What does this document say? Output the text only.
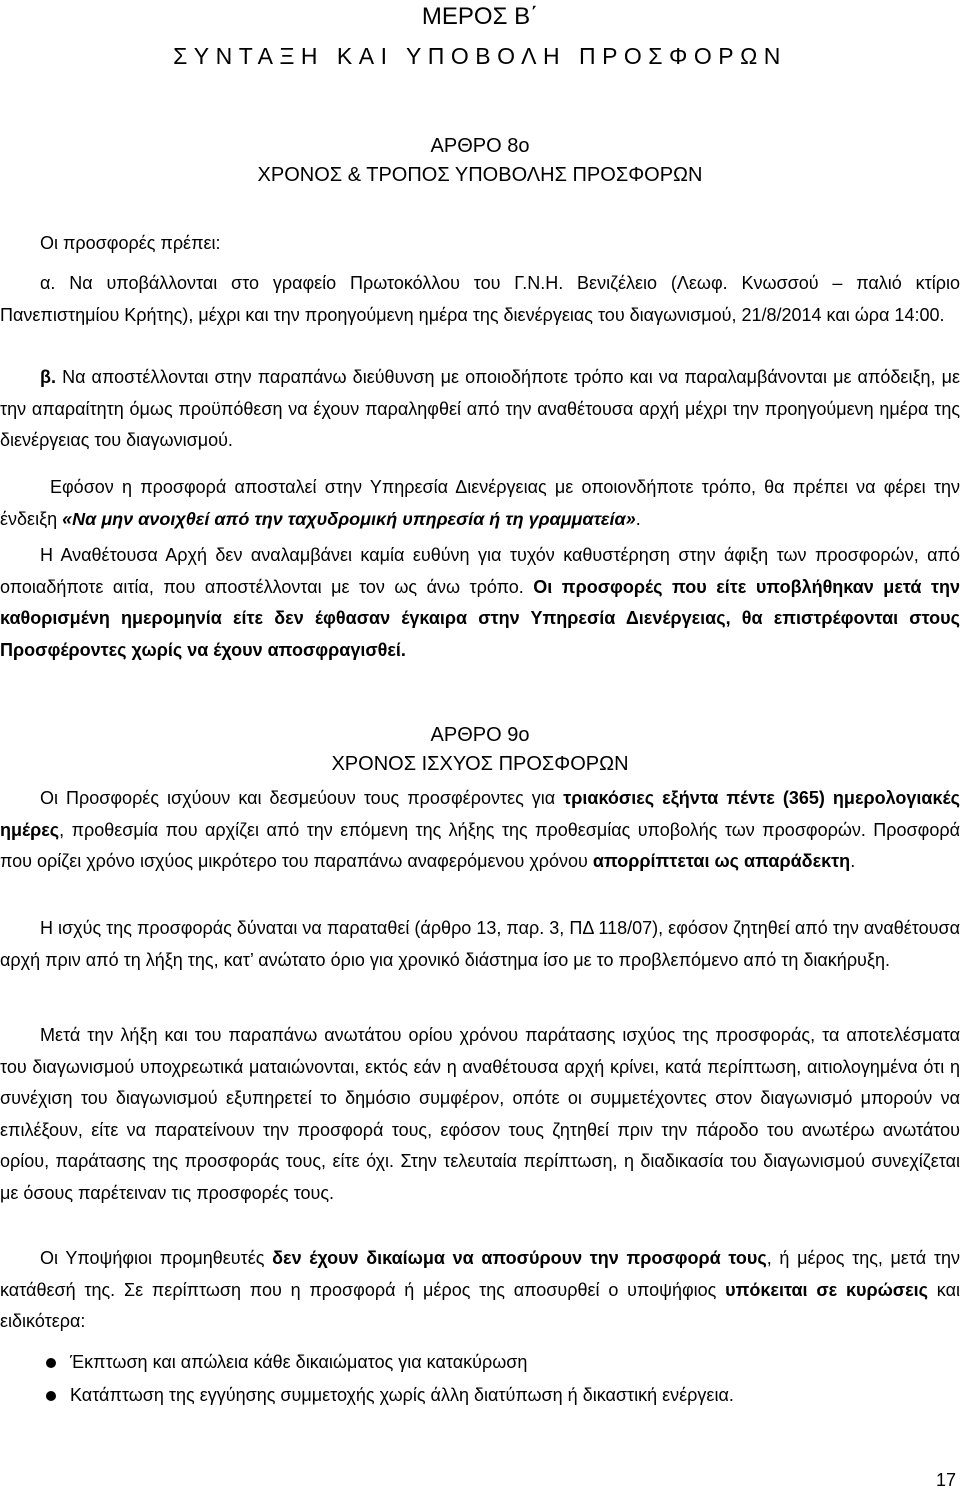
ΜΕΡΟΣ Β΄
ΣΥΝΤΑΞΗ ΚΑΙ ΥΠΟΒΟΛΗ ΠΡΟΣΦΟΡΩΝ
ΑΡΘΡΟ 8ο
ΧΡΟΝΟΣ & ΤΡΟΠΟΣ ΥΠΟΒΟΛΗΣ ΠΡΟΣΦΟΡΩΝ

Οι προσφορές πρέπει:

α. Να υποβάλλονται στο γραφείο Πρωτοκόλλου του Γ.Ν.Η. Βενιζέλειο (Λεωφ. Κνωσσού – παλιό κτίριο Πανεπιστημίου Κρήτης), μέχρι και την προηγούμενη ημέρα της διενέργειας του διαγωνισμού, 21/8/2014 και ώρα 14:00.

β. Να αποστέλλονται στην παραπάνω διεύθυνση με οποιοδήποτε τρόπο και να παραλαμβάνονται με απόδειξη, με την απαραίτητη όμως προϋπόθεση να έχουν παραληφθεί από την αναθέτουσα αρχή μέχρι την προηγούμενη ημέρα της διενέργειας του διαγωνισμού.

Εφόσον η προσφορά αποσταλεί στην Υπηρεσία Διενέργειας με οποιονδήποτε τρόπο, θα πρέπει να φέρει την ένδειξη «Να μην ανοιχθεί από την ταχυδρομική υπηρεσία ή τη γραμματεία».

Η Αναθέτουσα Αρχή δεν αναλαμβάνει καμία ευθύνη για τυχόν καθυστέρηση στην άφιξη των προσφορών, από οποιαδήποτε αιτία, που αποστέλλονται με τον ως άνω τρόπο. Οι προσφορές που είτε υποβλήθηκαν μετά την καθορισμένη ημερομηνία είτε δεν έφθασαν έγκαιρα στην Υπηρεσία Διενέργειας, θα επιστρέφονται στους Προσφέροντες χωρίς να έχουν αποσφραγισθεί.

ΑΡΘΡΟ 9ο
ΧΡΟΝΟΣ ΙΣΧΥΟΣ ΠΡΟΣΦΟΡΩΝ

Οι Προσφορές ισχύουν και δεσμεύουν τους προσφέροντες για τριακόσιες εξήντα πέντε (365) ημερολογιακές ημέρες, προθεσμία που αρχίζει από την επόμενη της λήξης της προθεσμίας υποβολής των προσφορών. Προσφορά που ορίζει χρόνο ισχύος μικρότερο του παραπάνω αναφερόμενου χρόνου απορρίπτεται ως απαράδεκτη.

Η ισχύς της προσφοράς δύναται να παραταθεί (άρθρο 13, παρ. 3, ΠΔ 118/07), εφόσον ζητηθεί από την αναθέτουσα αρχή πριν από τη λήξη της, κατ’ ανώτατο όριο για χρονικό διάστημα ίσο με το προβλεπόμενο από τη διακήρυξη.

Μετά την λήξη και του παραπάνω ανωτάτου ορίου χρόνου παράτασης ισχύος της προσφοράς, τα αποτελέσματα του διαγωνισμού υποχρεωτικά ματαιώνονται, εκτός εάν η αναθέτουσα αρχή κρίνει, κατά περίπτωση, αιτιολογημένα ότι η συνέχιση του διαγωνισμού εξυπηρετεί το δημόσιο συμφέρον, οπότε οι συμμετέχοντες στον διαγωνισμό μπορούν να επιλέξουν, είτε να παρατείνουν την προσφορά τους, εφόσον τους ζητηθεί πριν την πάροδο του ανωτέρω ανωτάτου ορίου, παράτασης της προσφοράς τους, είτε όχι. Στην τελευταία περίπτωση, η διαδικασία του διαγωνισμού συνεχίζεται με όσους παρέτειναν τις προσφορές τους.

Οι Υποψήφιοι προμηθευτές δεν έχουν δικαίωμα να αποσύρουν την προσφορά τους, ή μέρος της, μετά την κατάθεσή της. Σε περίπτωση που η προσφορά ή μέρος της αποσυρθεί ο υποψήφιος υπόκειται σε κυρώσεις και ειδικότερα:

Έκπτωση και απώλεια κάθε δικαιώματος για κατακύρωση
Κατάπτωση της εγγύησης συμμετοχής χωρίς άλλη διατύπωση ή δικαστική ενέργεια.
17
